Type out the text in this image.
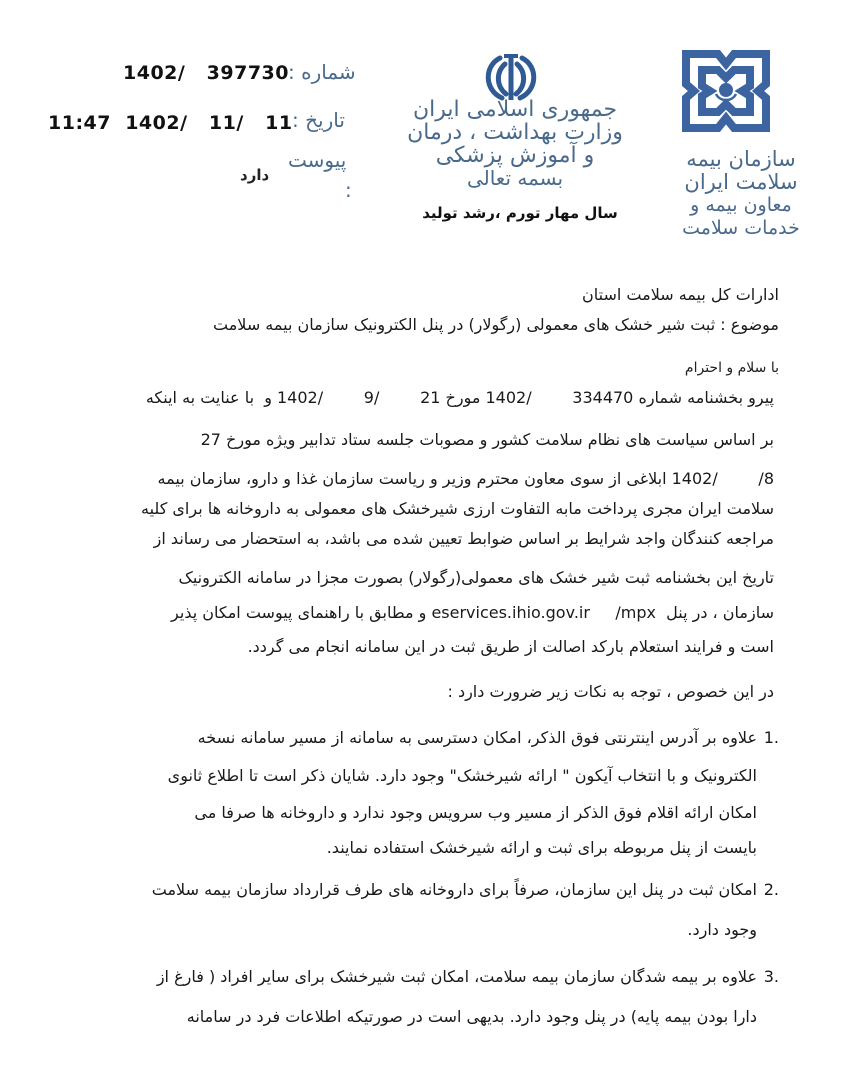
شماره :
1402/   397730
تاریخ :
11:47  1402/   11/   11
پیوست
:
دارد
جمهوری اسلامی ایران
وزارت بهداشت ، درمان
و آموزش پزشکی
بسمه تعالی
سال مهار تورم ،رشد تولید
سازمان بیمه
سلامت ایران
معاون بیمه و
خدمات سلامت
ادارات کل بیمه سلامت استان
موضوع : ثبت شیر خشک های معمولی (رگولار) در پنل الکترونیک سازمان بیمه سلامت
با سلام و احترام
پیرو بخشنامه شماره 334470        /1402 مورخ 21        /9        /1402 و  با عنایت به اینکه
بر اساس سیاست های نظام سلامت کشور و مصوبات جلسه ستاد تدابیر ویژه مورخ 27
8/        /1402 ابلاغی از سوی معاون محترم وزیر و ریاست سازمان غذا و دارو، سازمان بیمه
سلامت ایران مجری پرداخت مابه التفاوت ارزی شیرخشک های معمولی به داروخانه ها برای کلیه
مراجعه کنندگان واجد شرایط بر اساس ضوابط تعیین شده می باشد، به استحضار می رساند از
تاریخ این بخشنامه ثبت شیر خشک های معمولی(رگولار) بصورت مجزا در سامانه الکترونیک
سازمان ، در پنل  eservices.ihio.gov.ir     /mpx و مطابق با راهنمای پیوست امکان پذیر
است و فرایند استعلام بارکد اصالت از طریق ثبت در این سامانه انجام می گردد.
در این خصوص ، توجه به نکات زیر ضرورت دارد :
1.
علاوه بر آدرس اینترنتی فوق الذکر، امکان دسترسی به سامانه از مسیر سامانه نسخه
الکترونیک و با انتخاب آیکون " ارائه شیرخشک" وجود دارد. شایان ذکر است تا اطلاع ثانوی
امکان ارائه اقلام فوق الذکر از مسیر وب سرویس وجود ندارد و داروخانه ها صرفا می
بایست از پنل مربوطه برای ثبت و ارائه شیرخشک استفاده نمایند.
2.
امکان ثبت در پنل این سازمان، صرفاً برای داروخانه های طرف قرارداد سازمان بیمه سلامت
وجود دارد.
3.
علاوه بر بیمه شدگان سازمان بیمه سلامت، امکان ثبت شیرخشک برای سایر افراد ( فارغ از
دارا بودن بیمه پایه) در پنل وجود دارد. بدیهی است در صورتیکه اطلاعات فرد در سامانه
